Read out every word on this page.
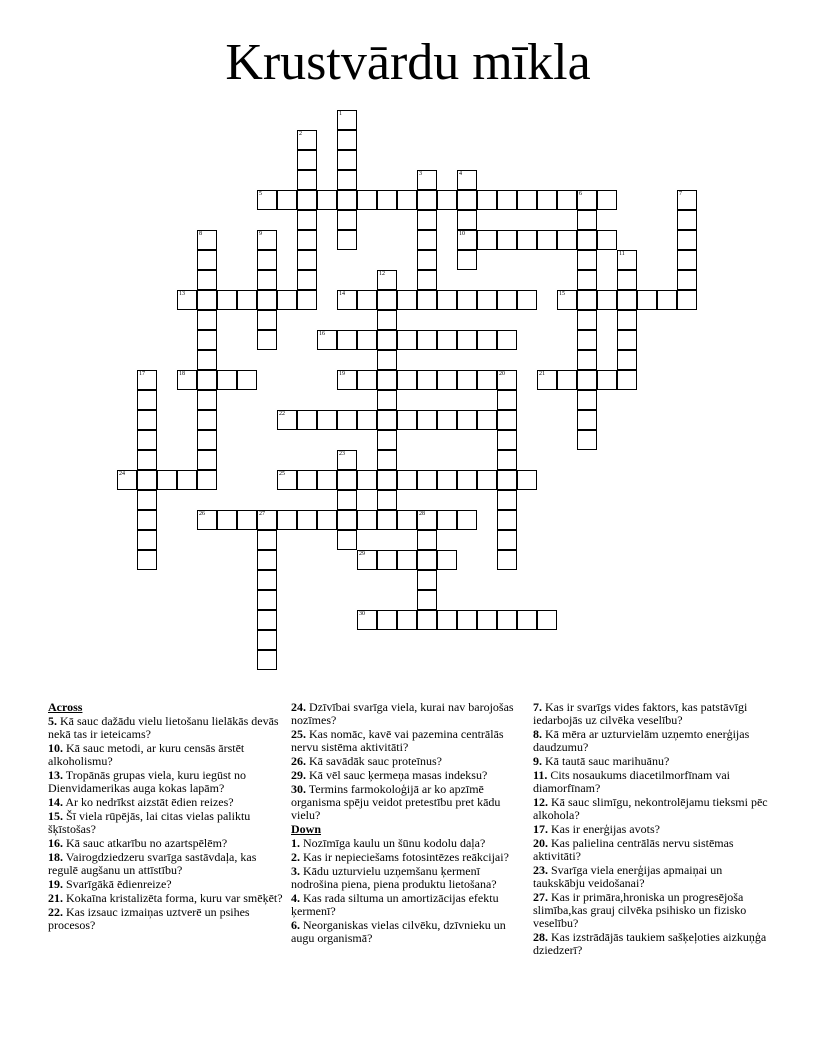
Krustvārdu mīkla
1
2
3	4
10
5	6	7
8	9
11
12
13	14	15
16
17	18	19	20	21
22
23
24	25
26	27	28
29
30
Across
5. Kā sauc dažādu vielu lietošanu lielākās devās nekā tas ir ieteicams?
10. Kā sauc metodi, ar kuru censās ārstēt alkoholismu?
13. Tropānās grupas viela, kuru iegūst no Dienvidamerikas auga kokas lapām?
14. Ar ko nedrīkst aizstāt ēdien reizes?
15. Šī viela rūpējās, lai citas vielas paliktu šķīstošas?
16. Kā sauc atkarību no azartspēlēm?
18. Vairogdziedzeru svarīga sastāvdaļa, kas regulē augšanu un attīstību?
19. Svarīgākā ēdienreize?
21. Kokaīna kristalizēta forma, kuru var smēķēt?
22. Kas izsauc izmaiņas uztverē un psihes procesos?
24. Dzīvībai svarīga viela, kurai nav barojošas nozīmes?
25. Kas nomāc, kavē vai pazemina centrālās nervu sistēma aktivitāti?
26. Kā savādāk sauc proteīnus?
29. Kā vēl sauc ķermeņa masas indeksu?
30. Termins farmokoloģijā ar ko apzīmē organisma spēju veidot pretestību pret kādu vielu?
Down
1. Nozīmīga kaulu un šūnu kodolu daļa?
2. Kas ir nepieciešams fotosintēzes reākcijai?
3. Kādu uzturvielu uzņemšanu ķermenī nodrošina piena, piena produktu lietošana?
4. Kas rada siltuma un amortizācijas efektu ķermenī?
6. Neorganiskas vielas cilvēku, dzīvnieku un augu organismā?
7. Kas ir svarīgs vides faktors, kas patstāvīgi iedarbojās uz cilvēka veselību?
8. Kā mēra ar uzturvielām uzņemto enerģijas daudzumu?
9. Kā tautā sauc marihuānu?
11. Cits nosaukums diacetilmorfīnam vai diamorfīnam?
12. Kā sauc slimīgu, nekontrolējamu tieksmi pēc alkohola?
17. Kas ir enerģijas avots?
20. Kas palielina centrālās nervu sistēmas aktivitāti?
23. Svarīga viela enerģijas apmaiņai un taukskābju veidošanai?
27. Kas ir primāra,hroniska un progresējoša slimība,kas grauj cilvēka psihisko un fizisko veselību?
28. Kas izstrādājās taukiem sašķeļoties aizkuņģa dziedzerī?
